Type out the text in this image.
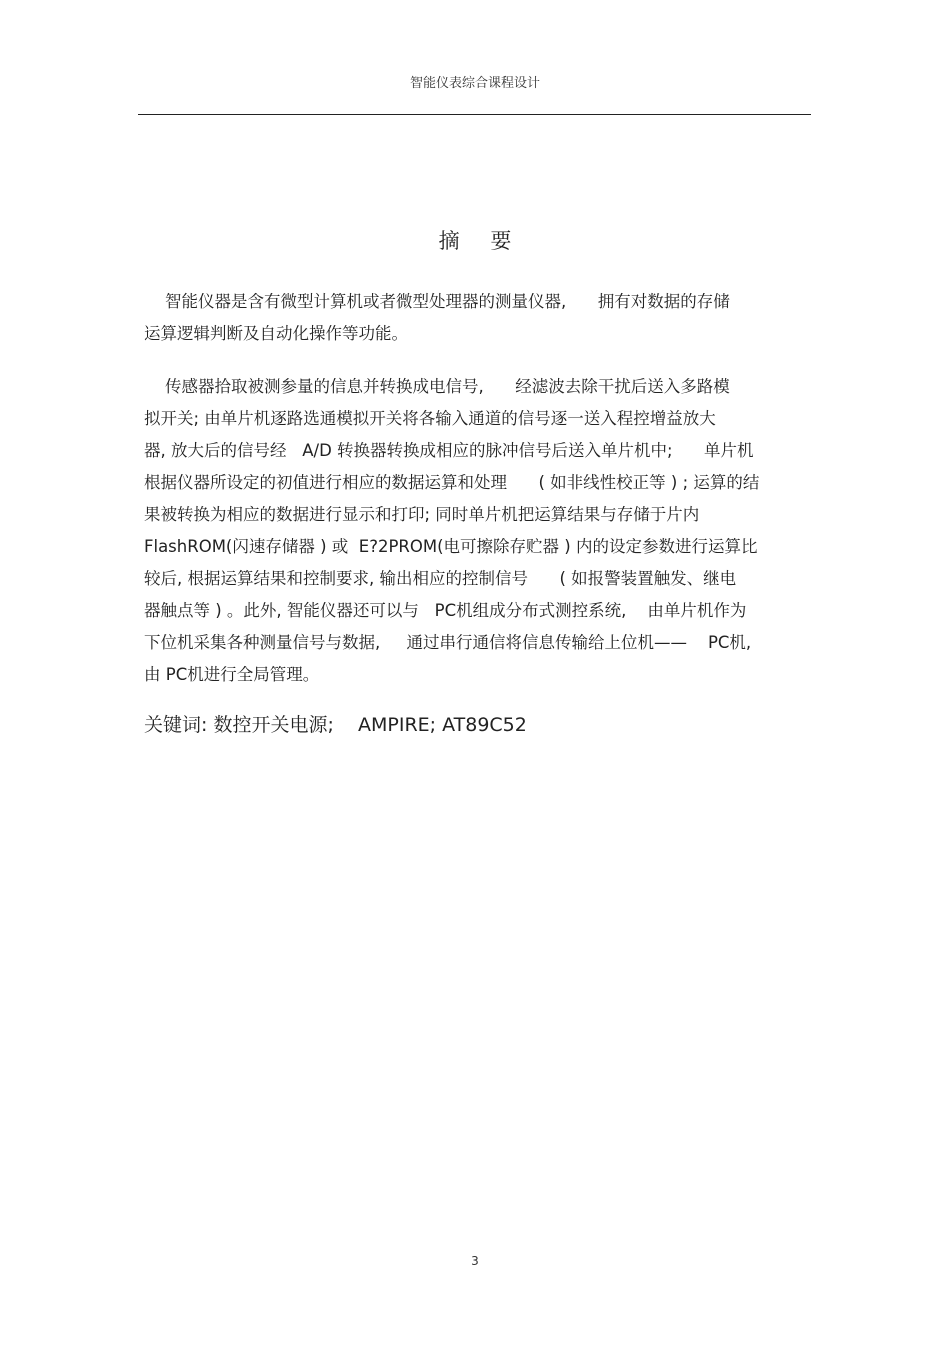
智能仪表综合课程设计
摘 要
智能仪器是含有微型计算机或者微型处理器的测量仪器,      拥有对数据的存储
运算逻辑判断及自动化操作等功能。
传感器拾取被测参量的信息并转换成电信号,      经滤波去除干扰后送入多路模
拟开关; 由单片机逐路选通模拟开关将各输入通道的信号逐一送入程控增益放大
器, 放大后的信号经   A/D 转换器转换成相应的脉冲信号后送入单片机中;      单片机
根据仪器所设定的初值进行相应的数据运算和处理      ( 如非线性校正等 ) ; 运算的结
果被转换为相应的数据进行显示和打印; 同时单片机把运算结果与存储于片内
FlashROM(闪速存储器 ) 或  E?2PROM(电可擦除存贮器 ) 内的设定参数进行运算比
较后, 根据运算结果和控制要求, 输出相应的控制信号      ( 如报警装置触发、继电
器触点等 ) 。此外, 智能仪器还可以与   PC机组成分布式测控系统,    由单片机作为
下位机采集各种测量信号与数据,     通过串行通信将信息传输给上位机——    PC机,
由 PC机进行全局管理。
关键词: 数控开关电源;    AMPIRE; AT89C52
3
